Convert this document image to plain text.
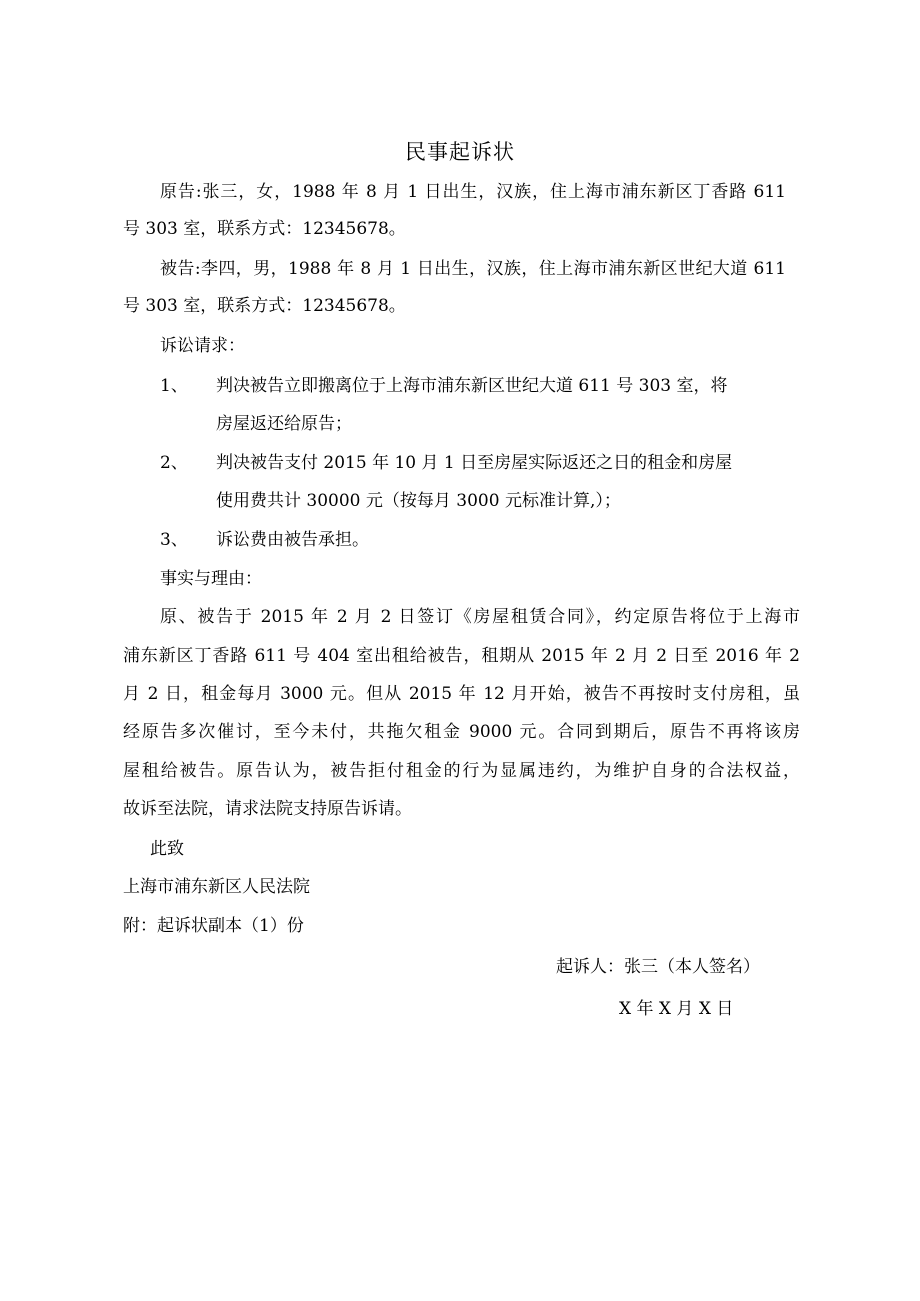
民事起诉状
原告:张三，女，1988 年 8 月 1 日出生，汉族，住上海市浦东新区丁香路 611
号 303 室，联系方式：12345678。
被告:李四，男，1988 年 8 月 1 日出生，汉族，住上海市浦东新区世纪大道 611
号 303 室，联系方式：12345678。
诉讼请求：
1、 判决被告立即搬离位于上海市浦东新区世纪大道 611 号 303 室，将
房屋返还给原告；
2、 判决被告支付 2015 年 10 月 1 日至房屋实际返还之日的租金和房屋
使用费共计 30000 元（按每月 3000 元标准计算,）；
3、 诉讼费由被告承担。
事实与理由：
原、被告于 2015 年 2 月 2 日签订《房屋租赁合同》，约定原告将位于上海市
浦东新区丁香路 611 号 404 室出租给被告，租期从 2015 年 2 月 2 日至 2016 年 2
月 2 日，租金每月 3000 元。但从 2015 年 12 月开始，被告不再按时支付房租，虽
经原告多次催讨，至今未付，共拖欠租金 9000 元。合同到期后，原告不再将该房
屋租给被告。原告认为，被告拒付租金的行为显属违约，为维护自身的合法权益，
故诉至法院，请求法院支持原告诉请。
此致
上海市浦东新区人民法院
附：起诉状副本（1）份
起诉人：张三（本人签名）
X 年 X 月 X 日
